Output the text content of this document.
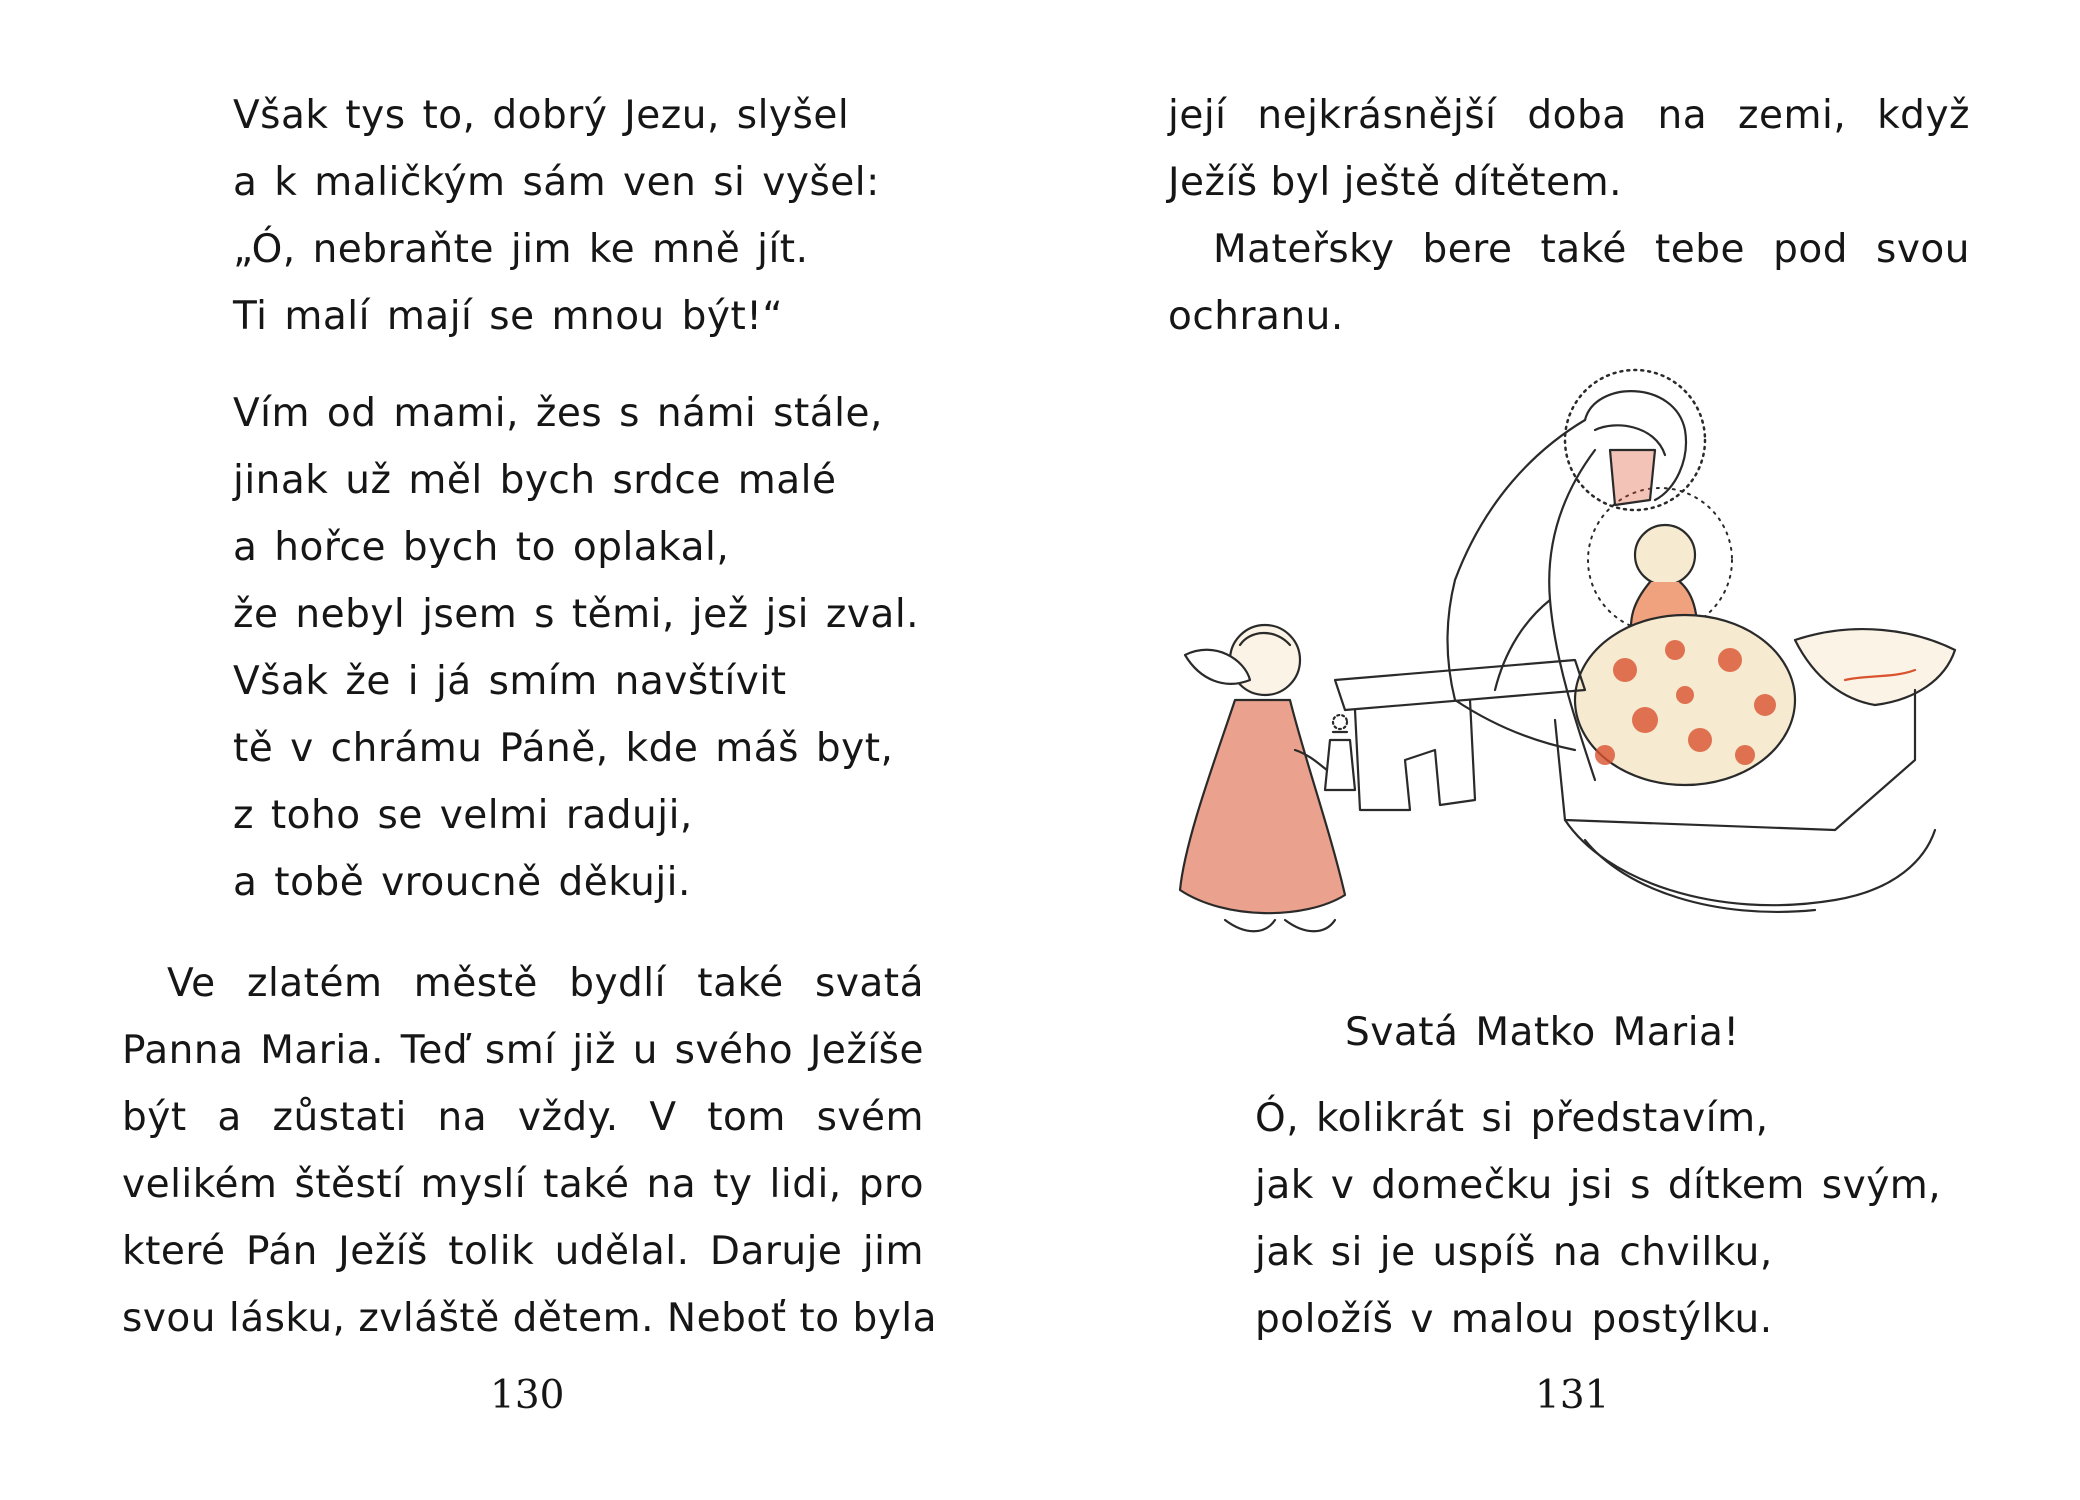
Však tys to, dobrý Jezu, slyšel
a k maličkým sám ven si vyšel:
„Ó, nebraňte jim ke mně jít.
Ti malí mají se mnou být!“
Vím od mami, žes s námi stále,
jinak už měl bych srdce malé
a hořce bych to oplakal,
že nebyl jsem s těmi, jež jsi zval.
Však že i já smím navštívit
tě v chrámu Páně, kde máš byt,
z toho se velmi raduji,
a tobě vroucně děkuji.
Ve zlatém městě bydlí také svatá
Panna Maria. Teď smí již u svého Ježíše
být a zůstati na vždy. V tom svém
velikém štěstí myslí také na ty lidi, pro
které Pán Ježíš tolik udělal. Daruje jim
svou lásku, zvláště dětem. Neboť to byla
130
její nejkrásnější doba na zemi, když
Ježíš byl ještě dítětem.
Mateřsky bere také tebe pod svou
ochranu.
Svatá Matko Maria!
Ó, kolikrát si představím,
jak v domečku jsi s dítkem svým,
jak si je uspíš na chvilku,
položíš v malou postýlku.
131
